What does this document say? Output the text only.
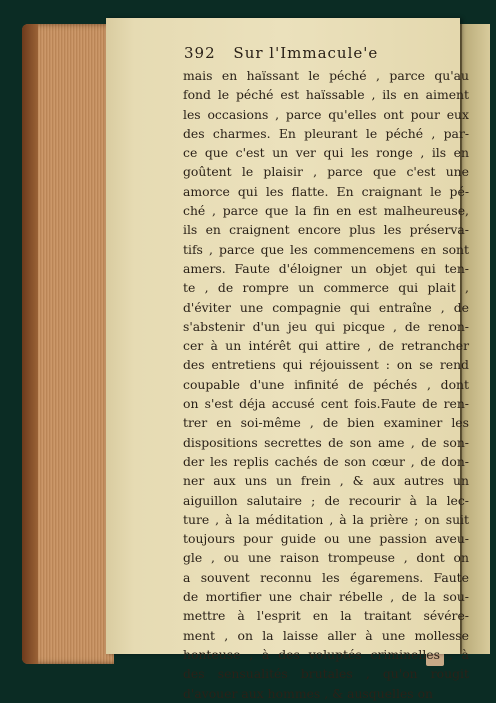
392 Sur l'Immacule'e
mais en haïssant le péché , parce qu'au
fond le péché est haïssable , ils en aiment
les occasions , parce qu'elles ont pour eux
des charmes. En pleurant le péché , par-
ce que c'est un ver qui les ronge , ils en
goûtent le plaisir , parce que c'est une
amorce qui les flatte. En craignant le pé-
ché , parce que la fin en est malheureuse,
ils en craignent encore plus les préserva-
tifs , parce que les commencemens en sont
amers. Faute d'éloigner un objet qui ten-
te , de rompre un commerce qui plait ,
d'éviter une compagnie qui entraîne , de
s'abstenir d'un jeu qui picque , de renon-
cer à un intérêt qui attire , de retrancher
des entretiens qui réjouissent : on se rend
coupable d'une infinité de péchés , dont
on s'est déja accusé cent fois.Faute de ren-
trer en soi-même , de bien examiner les
dispositions secrettes de son ame , de son-
der les replis cachés de son cœur , de don-
ner aux uns un frein , & aux autres un
aiguillon salutaire ; de recourir à la lec-
ture , à la méditation , à la prière ; on suit
toujours pour guide ou une passion aveu-
gle , ou une raison trompeuse , dont on
a souvent reconnu les égaremens. Faute
de mortifier une chair rébelle , de la sou-
mettre à l'esprit en la traitant sévére-
ment , on la laisse aller à une mollesse
honteuse , à des voluptés criminelles , à
des sensualités brutales , qu'on rougit
d'avouer aux hommes , & ausquelles on
